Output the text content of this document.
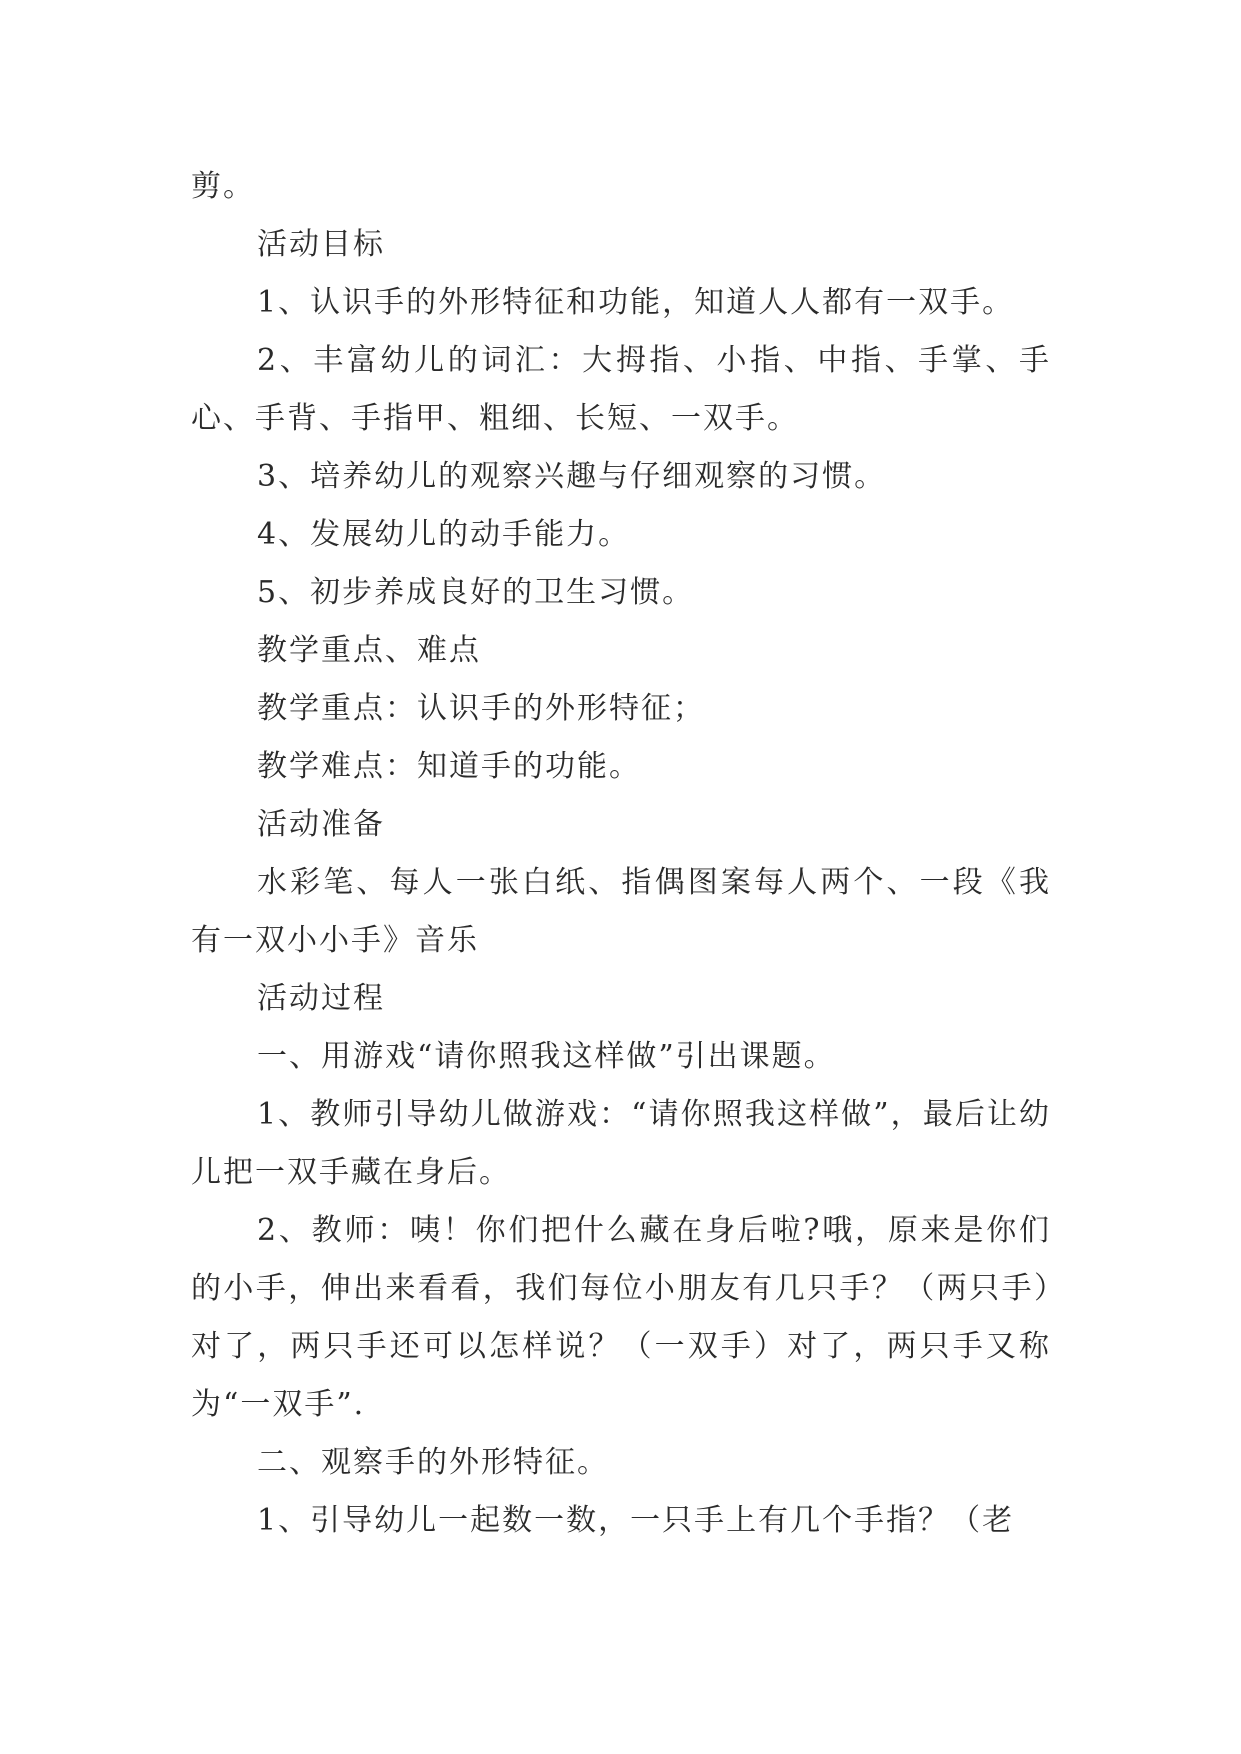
剪。

活动目标

1、认识手的外形特征和功能，知道人人都有一双手。

2、丰富幼儿的词汇：大拇指、小指、中指、手掌、手心、手背、手指甲、粗细、长短、一双手。

3、培养幼儿的观察兴趣与仔细观察的习惯。

4、发展幼儿的动手能力。

5、初步养成良好的卫生习惯。

教学重点、难点

教学重点：认识手的外形特征；

教学难点：知道手的功能。

活动准备

水彩笔、每人一张白纸、指偶图案每人两个、一段《我有一双小小手》音乐

活动过程

一、用游戏“请你照我这样做”引出课题。

1、教师引导幼儿做游戏：“请你照我这样做”，最后让幼儿把一双手藏在身后。

2、教师：咦！你们把什么藏在身后啦?哦，原来是你们的小手，伸出来看看，我们每位小朋友有几只手？（两只手）对了，两只手还可以怎样说？（一双手）对了，两只手又称为“一双手”.

二、观察手的外形特征。

1、引导幼儿一起数一数，一只手上有几个手指？（老
